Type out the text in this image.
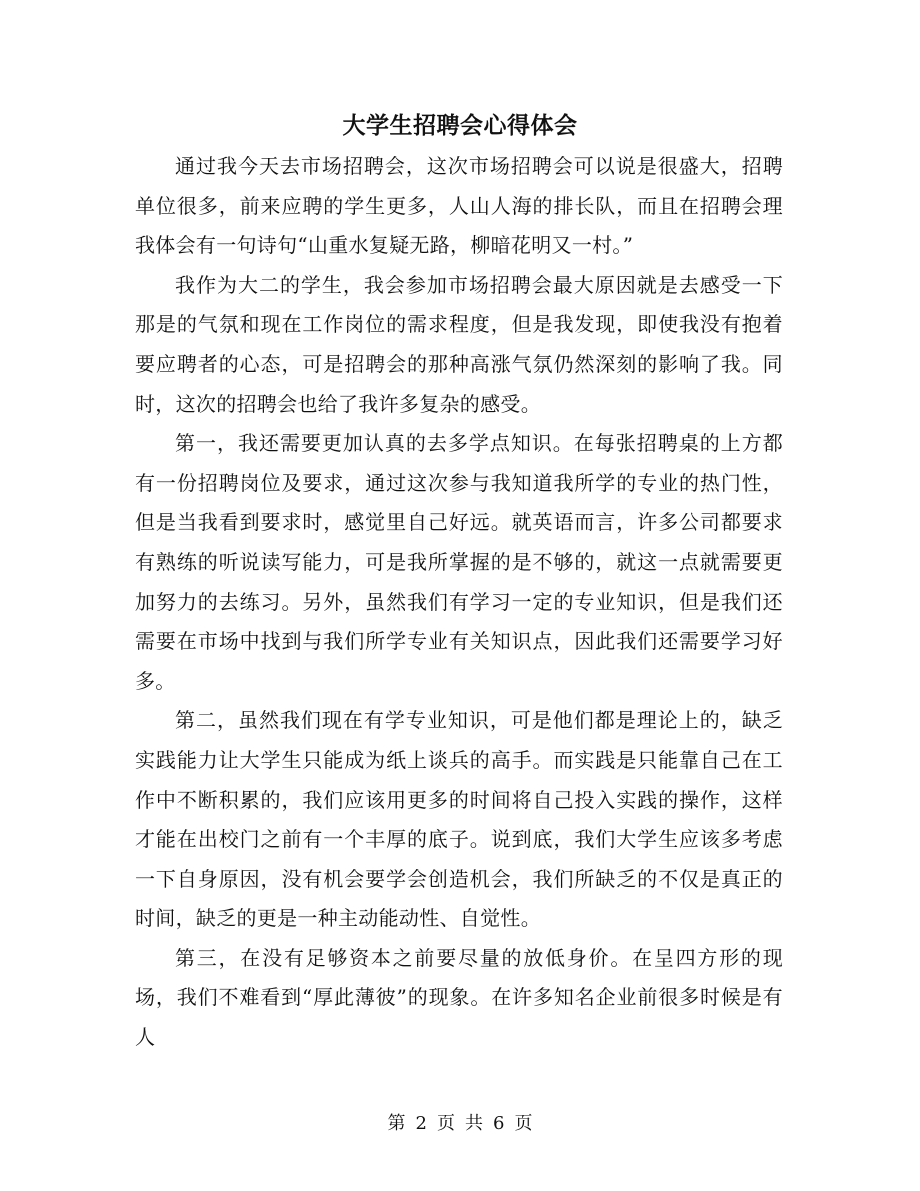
大学生招聘会心得体会

通过我今天去市场招聘会，这次市场招聘会可以说是很盛大，招聘单位很多，前来应聘的学生更多，人山人海的排长队，而且在招聘会理我体会有一句诗句“山重水复疑无路，柳暗花明又一村。”

我作为大二的学生，我会参加市场招聘会最大原因就是去感受一下那是的气氛和现在工作岗位的需求程度，但是我发现，即使我没有抱着要应聘者的心态，可是招聘会的那种高涨气氛仍然深刻的影响了我。同时，这次的招聘会也给了我许多复杂的感受。

第一，我还需要更加认真的去多学点知识。在每张招聘桌的上方都有一份招聘岗位及要求，通过这次参与我知道我所学的专业的热门性，但是当我看到要求时，感觉里自己好远。就英语而言，许多公司都要求有熟练的听说读写能力，可是我所掌握的是不够的，就这一点就需要更加努力的去练习。另外，虽然我们有学习一定的专业知识，但是我们还需要在市场中找到与我们所学专业有关知识点，因此我们还需要学习好多。

第二，虽然我们现在有学专业知识，可是他们都是理论上的，缺乏实践能力让大学生只能成为纸上谈兵的高手。而实践是只能靠自己在工作中不断积累的，我们应该用更多的时间将自己投入实践的操作，这样才能在出校门之前有一个丰厚的底子。说到底，我们大学生应该多考虑一下自身原因，没有机会要学会创造机会，我们所缺乏的不仅是真正的时间，缺乏的更是一种主动能动性、自觉性。

第三，在没有足够资本之前要尽量的放低身价。在呈四方形的现场，我们不难看到“厚此薄彼”的现象。在许多知名企业前很多时候是有人

第 2 页 共 6 页
